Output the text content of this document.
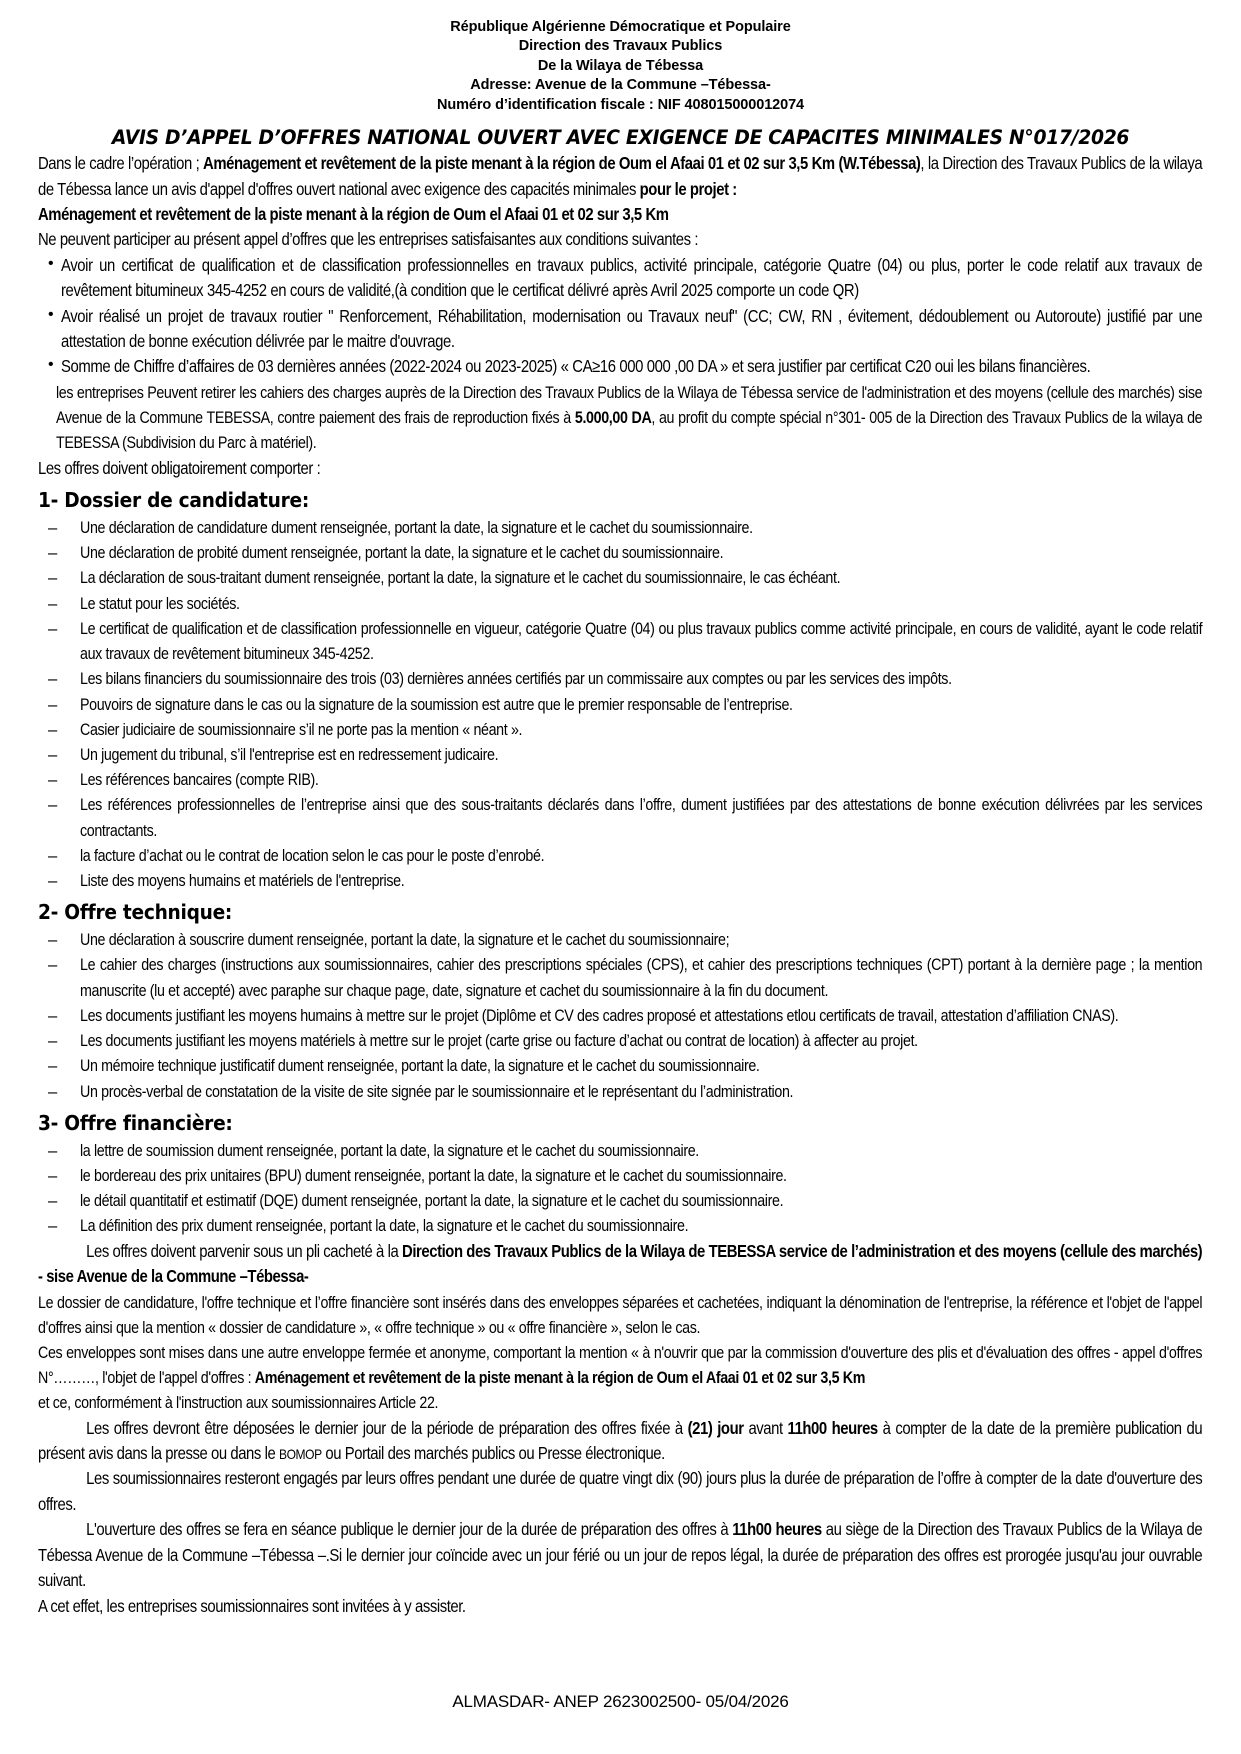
République Algérienne Démocratique et Populaire
Direction des Travaux Publics
De la Wilaya de Tébessa
Adresse: Avenue de la Commune –Tébessa-
Numéro d’identification fiscale : NIF 408015000012074
AVIS D’APPEL D’OFFRES NATIONAL OUVERT AVEC EXIGENCE DE CAPACITES MINIMALES N°017/2026

Dans le cadre l’opération ; Aménagement et revêtement de la piste menant à la région de Oum el Afaai 01 et 02 sur 3,5 Km (W.Tébessa), la Direction des Travaux Publics de la wilaya de Tébessa lance un avis d'appel d'offres ouvert national avec exigence des capacités minimales pour le projet :

Aménagement et revêtement de la piste menant à la région de Oum el Afaai 01 et 02 sur 3,5 Km

Ne peuvent participer au présent appel d’offres que les entreprises satisfaisantes aux conditions suivantes :

• Avoir un certificat de qualification et de classification professionnelles en travaux publics, activité principale, catégorie Quatre (04) ou plus, porter le code relatif aux travaux de revêtement bitumineux 345-4252 en cours de validité,(à condition que le certificat délivré après Avril 2025 comporte un code QR)
• Avoir réalisé un projet de travaux routier " Renforcement, Réhabilitation, modernisation ou Travaux neuf" (CC; CW, RN , évitement, dédoublement ou Autoroute) justifié par une attestation de bonne exécution délivrée par le maitre d'ouvrage.
• Somme de Chiffre d’affaires de 03 dernières années (2022-2024 ou 2023-2025) « CA≥16 000 000 ,00 DA » et sera justifier par certificat C20 oui les bilans financières.

les entreprises Peuvent retirer les cahiers des charges auprès de la Direction des Travaux Publics de la Wilaya de Tébessa service de l'administration et des moyens (cellule des marchés) sise Avenue de la Commune TEBESSA, contre paiement des frais de reproduction fixés à 5.000,00 DA, au profit du compte spécial n°301- 005 de la Direction des Travaux Publics de la wilaya de TEBESSA (Subdivision du Parc à matériel).

Les offres doivent obligatoirement comporter :

1- Dossier de candidature:
– Une déclaration de candidature dument renseignée, portant la date, la signature et le cachet du soumissionnaire.
– Une déclaration de probité dument renseignée, portant la date, la signature et le cachet du soumissionnaire.
– La déclaration de sous-traitant dument renseignée, portant la date, la signature et le cachet du soumissionnaire, le cas échéant.
– Le statut pour les sociétés.
– Le certificat de qualification et de classification professionnelle en vigueur, catégorie Quatre (04) ou plus travaux publics comme activité principale, en cours de validité, ayant le code relatif aux travaux de revêtement bitumineux 345-4252.
– Les bilans financiers du soumissionnaire des trois (03) dernières années certifiés par un commissaire aux comptes ou par les services des impôts.
– Pouvoirs de signature dans le cas ou la signature de la soumission est autre que le premier responsable de l’entreprise.
– Casier judiciaire de soumissionnaire s’il ne porte pas la mention « néant ».
– Un jugement du tribunal, s’il l'entreprise est en redressement judicaire.
– Les références bancaires (compte RIB).
– Les références professionnelles de l’entreprise ainsi que des sous-traitants déclarés dans l’offre, dument justifiées par des attestations de bonne exécution délivrées par les services contractants.
– la facture d’achat ou le contrat de location selon le cas pour le poste d’enrobé.
– Liste des moyens humains et matériels de l'entreprise.
2- Offre technique:
– Une déclaration à souscrire dument renseignée, portant la date, la signature et le cachet du soumissionnaire;
– Le cahier des charges (instructions aux soumissionnaires, cahier des prescriptions spéciales (CPS), et cahier des prescriptions techniques (CPT) portant à la dernière page ; la mention manuscrite (lu et accepté) avec paraphe sur chaque page, date, signature et cachet du soumissionnaire à la fin du document.
– Les documents justifiant les moyens humains à mettre sur le projet (Diplôme et CV des cadres proposé et attestations etlou certificats de travail, attestation d’affiliation CNAS).
– Les documents justifiant les moyens matériels à mettre sur le projet (carte grise ou facture d’achat ou contrat de location) à affecter au projet.
– Un mémoire technique justificatif dument renseignée, portant la date, la signature et le cachet du soumissionnaire.
– Un procès-verbal de constatation de la visite de site signée par le soumissionnaire et le représentant du l’administration.
3- Offre financière:
– la lettre de soumission dument renseignée, portant la date, la signature et le cachet du soumissionnaire.
– le bordereau des prix unitaires (BPU) dument renseignée, portant la date, la signature et le cachet du soumissionnaire.
– le détail quantitatif et estimatif (DQE) dument renseignée, portant la date, la signature et le cachet du soumissionnaire.
– La définition des prix dument renseignée, portant la date, la signature et le cachet du soumissionnaire.

Les offres doivent parvenir sous un pli cacheté à la Direction des Travaux Publics de la Wilaya de TEBESSA service de l’administration et des moyens (cellule des marchés) - sise Avenue de la Commune –Tébessa-

Le dossier de candidature, l'offre technique et l’offre financière sont insérés dans des enveloppes séparées et cachetées, indiquant la dénomination de l'entreprise, la référence et l'objet de l'appel d'offres ainsi que la mention « dossier de candidature », « offre technique » ou « offre financière », selon le cas.

Ces enveloppes sont mises dans une autre enveloppe fermée et anonyme, comportant la mention « à n'ouvrir que par la commission d'ouverture des plis et d'évaluation des offres - appel d'offres N°………, l'objet de l'appel d'offres : Aménagement et revêtement de la piste menant à la région de Oum el Afaai 01 et 02 sur 3,5 Km

et ce, conformément à l'instruction aux soumissionnaires Article 22.

Les offres devront être déposées le dernier jour de la période de préparation des offres fixée à (21) jour avant 11h00 heures à compter de la date de la première publication du présent avis dans la presse ou dans le BOMOP ou Portail des marchés publics ou Presse électronique.

Les soumissionnaires resteront engagés par leurs offres pendant une durée de quatre vingt dix (90) jours plus la durée de préparation de l’offre à compter de la date d'ouverture des offres.

L'ouverture des offres se fera en séance publique le dernier jour de la durée de préparation des offres à 11h00 heures au siège de la Direction des Travaux Publics de la Wilaya de Tébessa Avenue de la Commune –Tébessa –.Si le dernier jour coïncide avec un jour férié ou un jour de repos légal, la durée de préparation des offres est prorogée jusqu'au jour ouvrable suivant.

A cet effet, les entreprises soumissionnaires sont invitées à y assister.

ALMASDAR- ANEP 2623002500- 05/04/2026
